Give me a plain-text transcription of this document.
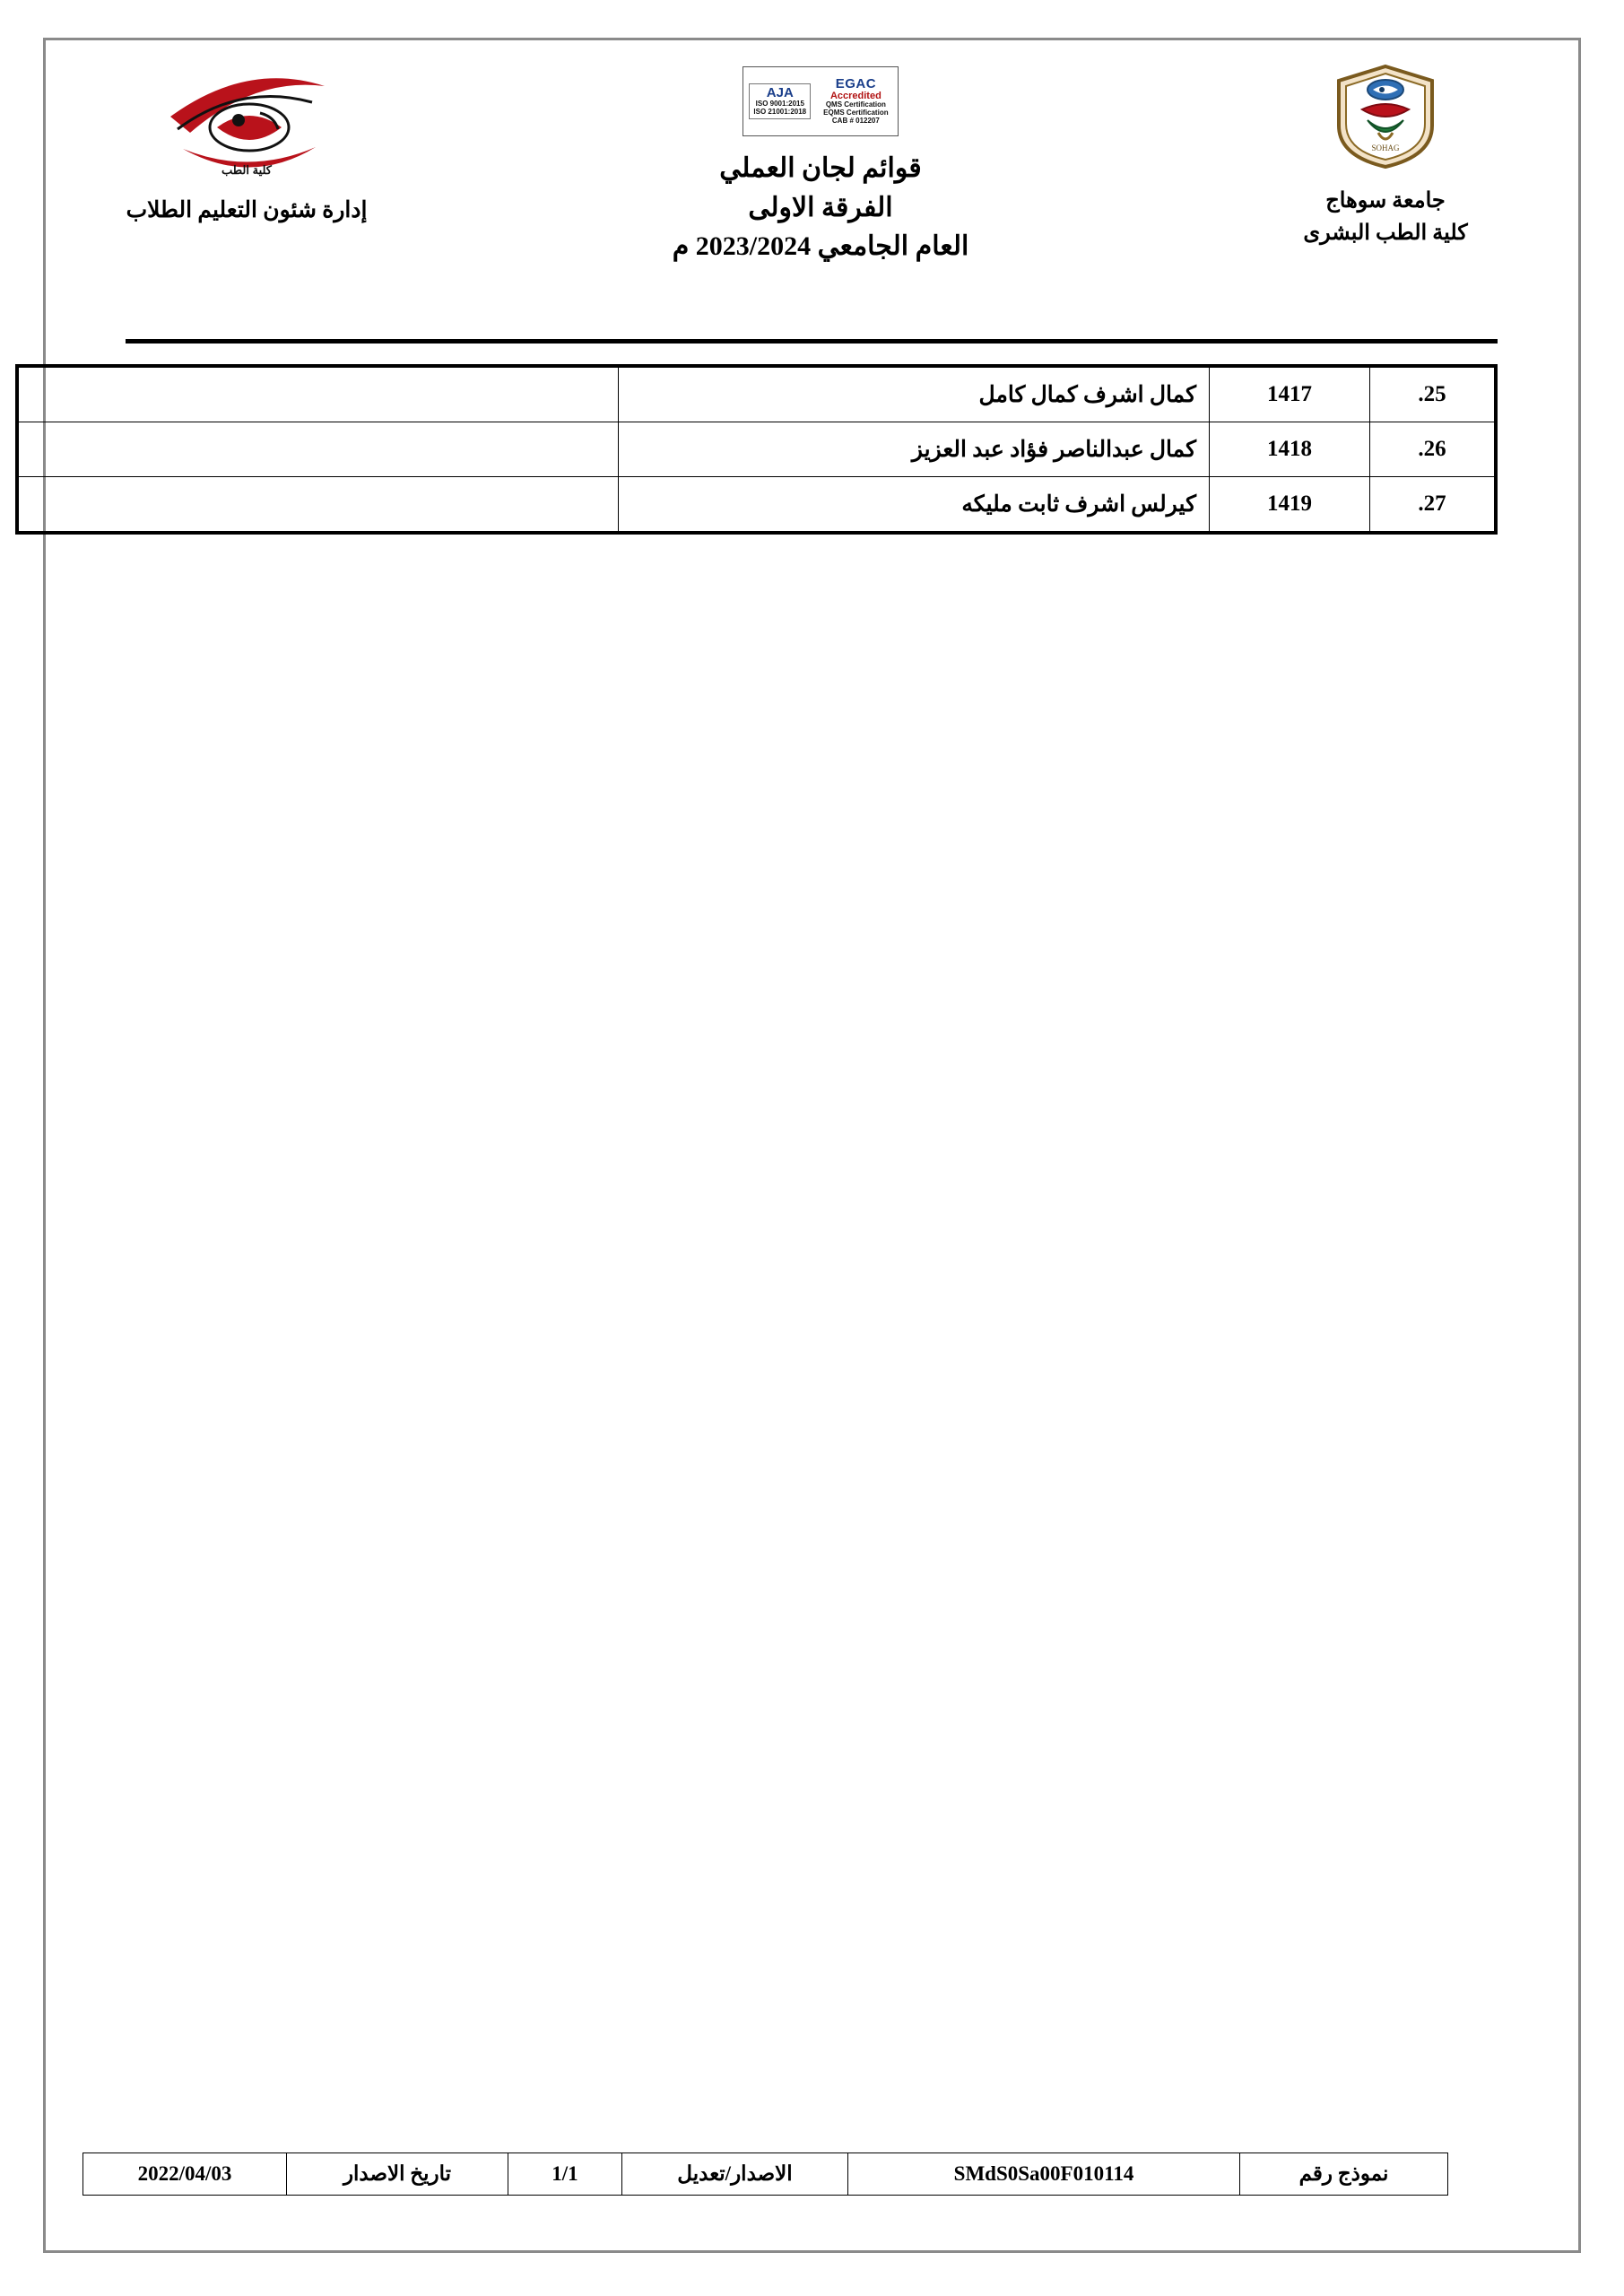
SOHAG
جامعة سوهاج
كلية الطب البشرى
EGAC
Accredited
QMS Certification
EQMS Certification
CAB # 012207
AJA
ISO 9001:2015
ISO 21001:2018
قوائم لجان العملي
الفرقة الاولى
العام الجامعي 2023/2024 م
كلية الطب
إدارة شئون التعليم الطلاب
.25	1417	كمال اشرف كمال كامل	
.26	1418	كمال عبدالناصر فؤاد عبد العزيز	
.27	1419	كيرلس اشرف ثابت مليكه	
نموذج رقم	SMdS0Sa00F010114	الاصدار/تعديل	1/1	تاريخ الاصدار	2022/04/03
